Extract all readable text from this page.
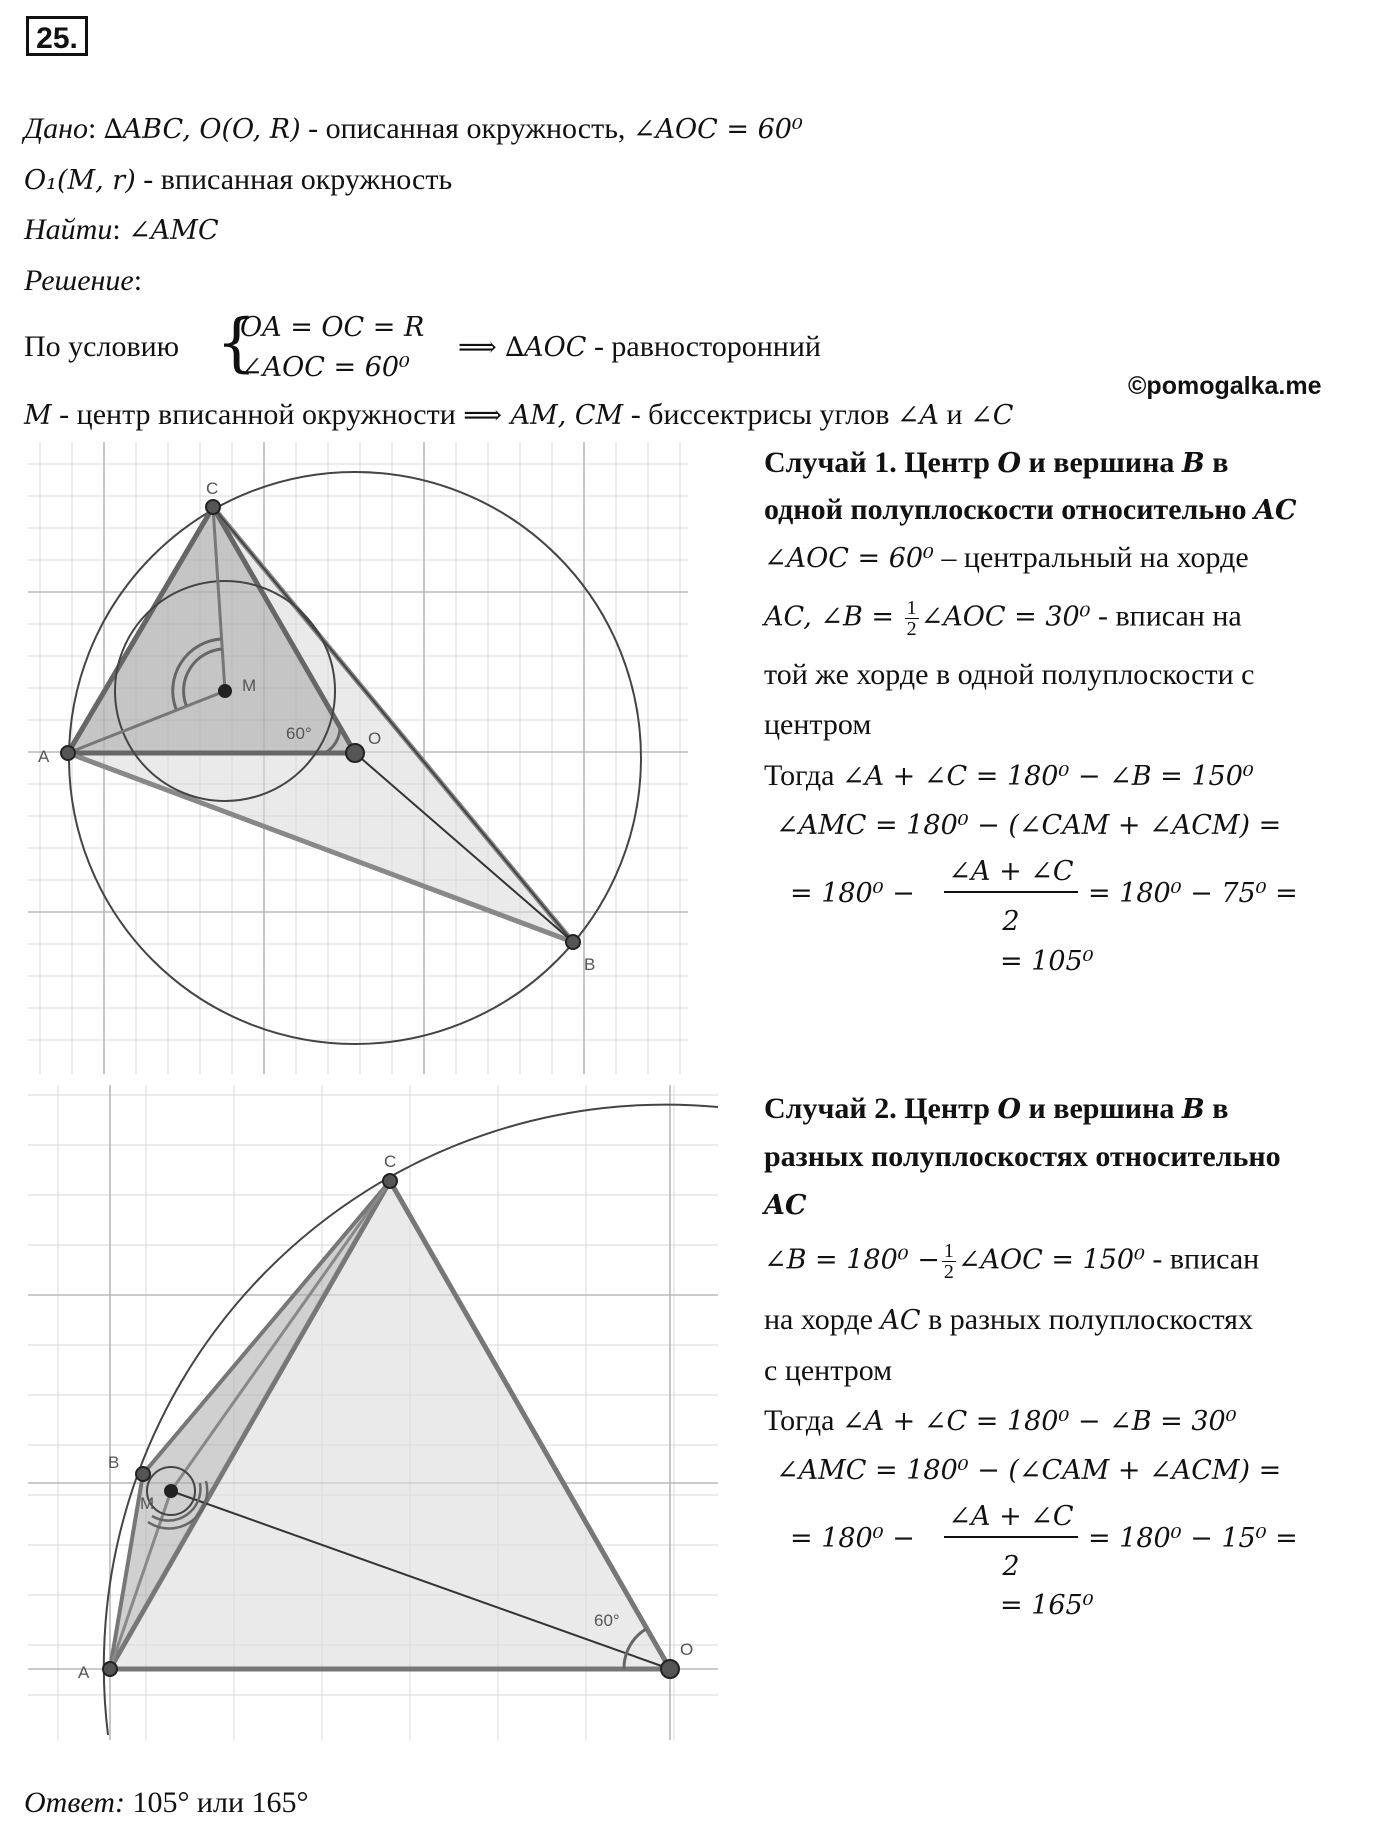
25.
Дано: ∆ABC, O(O, R) - описанная окружность, ∠AOC = 60⁰
O₁(M, r) - вписанная окружность
Найти: ∠AMC
Решение:
По условию {
OA = OC = R
∠AOC = 60⁰
⟹ ∆AOC - равносторонний
©pomogalka.me
M - центр вписанной окружности ⟹ AM, CM - биссектрисы углов ∠A и ∠C
A
C
O
B
M
60°
Случай 1. Центр O и вершина B в
одной полуплоскости относительно AC
∠AOC = 60⁰ – центральный на хорде
AC, ∠B = $\frac{1}{2}$ ∠AOC = 30⁰ - вписан на
той же хорде в одной полуплоскости с
центром
Тогда ∠A + ∠C = 180⁰ − ∠B = 150⁰
∠AMC = 180⁰ − (∠CAM + ∠ACM) =
= 180⁰ −
∠A + ∠C
2
= 180⁰ − 75⁰ =
= 105⁰
A
C
O
B
M
60°
Случай 2. Центр O и вершина B в
разных полуплоскостях относительно
AC
∠B = $180^0 - \frac{1}{2}$ ∠AOC = 150⁰ - вписан
на хорде AC в разных полуплоскостях
с центром
Тогда ∠A + ∠C = 180⁰ − ∠B = 30⁰
∠AMC = 180⁰ − (∠CAM + ∠ACM) =
= 180⁰ −
∠A + ∠C
2
= 180⁰ − 15⁰ =
= 165⁰
Ответ: 105° или 165°
